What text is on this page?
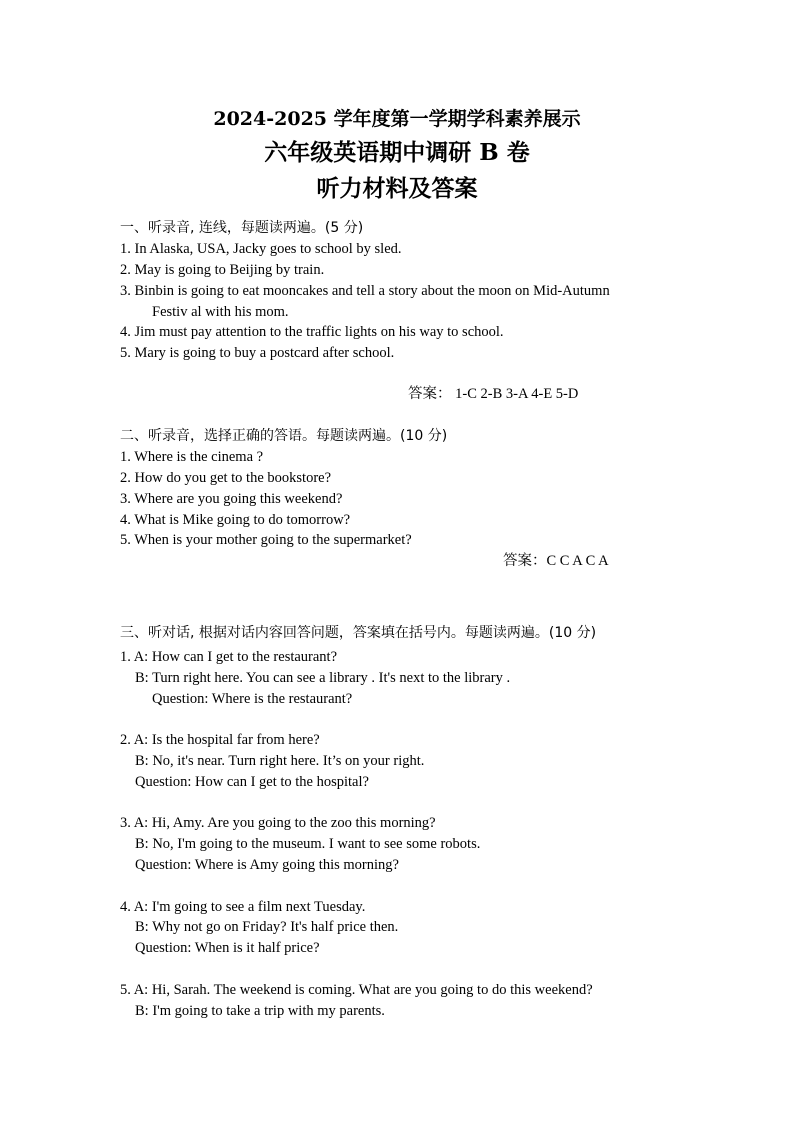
2024-2025 学年度第一学期学科素养展示
六年级英语期中调研 B 卷
听力材料及答案
一、听录音, 连线，每题读两遍。(5 分)
1. In Alaska, USA, Jacky goes to school by sled.
2. May is going to Beijing by train.
3. Binbin is going to eat mooncakes and tell a story about the moon on Mid-Autumn
Festiv al with his mom.
4. Jim must pay attention to the traffic lights on his way to school.
5. Mary is going to buy a postcard after school.
答案： 1-C 2-B 3-A 4-E 5-D
二、听录音，选择正确的答语。每题读两遍。(10 分)
1. Where is the cinema ?
2. How do you get to the bookstore?
3. Where are you going this weekend?
4. What is Mike going to do tomorrow?
5. When is your mother going to the supermarket?
答案：C C A C A
三、听对话, 根据对话内容回答问题，答案填在括号内。每题读两遍。(10 分)
1. A: How can I get to the restaurant?
B: Turn right here. You can see a library . It's next to the library .
Question: Where is the restaurant?
2. A: Is the hospital far from here?
B: No, it's near. Turn right here. It’s on your right.
Question: How can I get to the hospital?
3. A: Hi, Amy. Are you going to the zoo this morning?
B: No, I'm going to the museum. I want to see some robots.
Question: Where is Amy going this morning?
4. A: I'm going to see a film next Tuesday.
B: Why not go on Friday? It's half price then.
Question: When is it half price?
5. A: Hi, Sarah. The weekend is coming. What are you going to do this weekend?
B: I'm going to take a trip with my parents.
